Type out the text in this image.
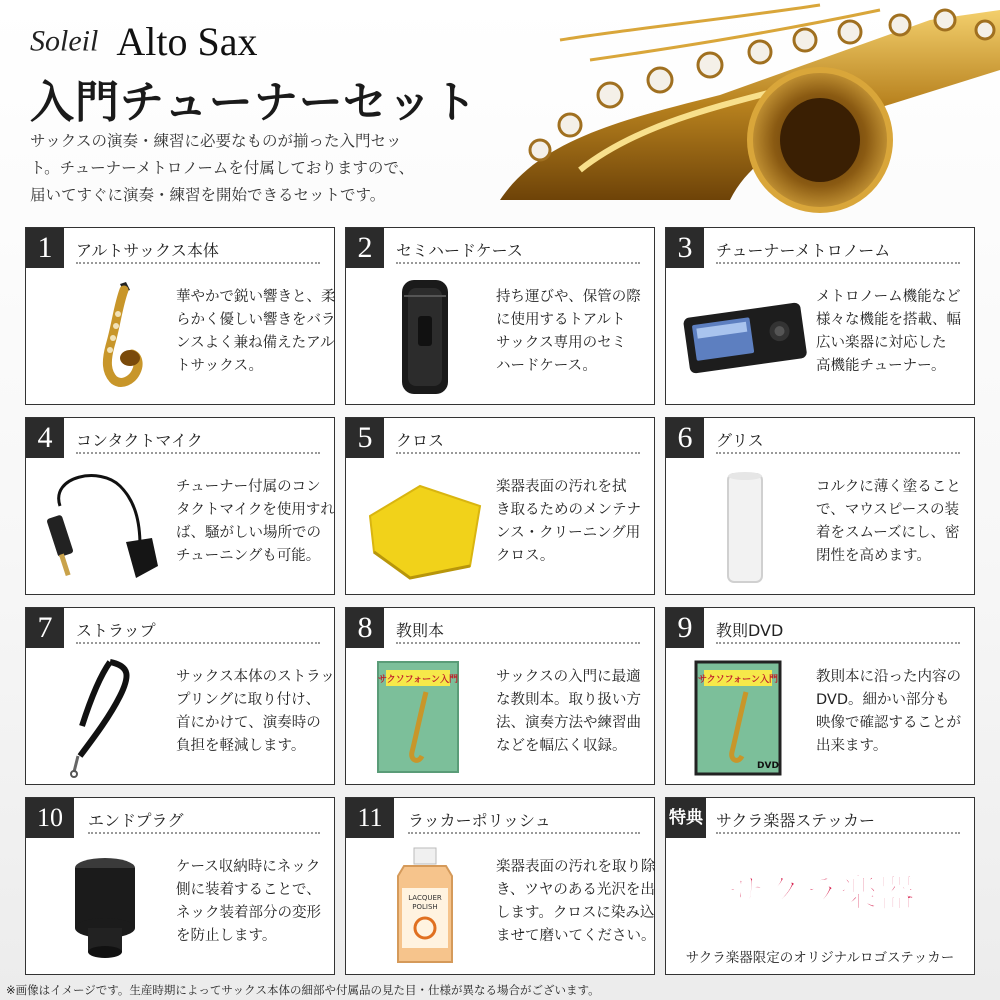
Soleil Alto Sax
入門チューナーセット
サックスの演奏・練習に必要なものが揃った入門セッ
ト。チューナーメトロノームを付属しておりますので、
届いてすぐに演奏・練習を開始できるセットです。
1	アルトサックス本体
華やかで鋭い響きと、柔
らかく優しい響きをバラ
ンスよく兼ね備えたアル
トサックス。
2	セミハードケース
持ち運びや、保管の際
に使用するトアルト
サックス専用のセミ
ハードケース。
3	チューナーメトロノーム
メトロノーム機能など
様々な機能を搭載、幅
広い楽器に対応した
高機能チューナー。
4	コンタクトマイク
チューナー付属のコン
タクトマイクを使用すれ
ば、騒がしい場所での
チューニングも可能。
5	クロス
楽器表面の汚れを拭
き取るためのメンテナ
ンス・クリーニング用
クロス。
6	グリス
コルクに薄く塗ること
で、マウスピースの装
着をスムーズにし、密
閉性を高めます。
7	ストラップ
サックス本体のストラッ
プリングに取り付け、
首にかけて、演奏時の
負担を軽減します。
8	教則本
サクソフォーン入門	サックスの入門に最適
な教則本。取り扱い方
法、演奏方法や練習曲
などを幅広く収録。
9	教則DVD
サクソフォーン入門
DVD
教則本に沿った内容の
DVD。細かい部分も
映像で確認することが
出来ます。
10	エンドプラグ
ケース収納時にネック
側に装着することで、
ネック装着部分の変形
を防止します。
11	ラッカーポリッシュ
LACQUER
POLISH
楽器表面の汚れを取り除
き、ツヤのある光沢を出
します。クロスに染み込
ませて磨いてください。
特典 サクラ楽器ステッカー
サクラ楽器
サクラ楽器限定のオリジナルロゴステッカー
※画像はイメージです。生産時期によってサックス本体の細部や付属品の見た目・仕様が異なる場合がございます。
